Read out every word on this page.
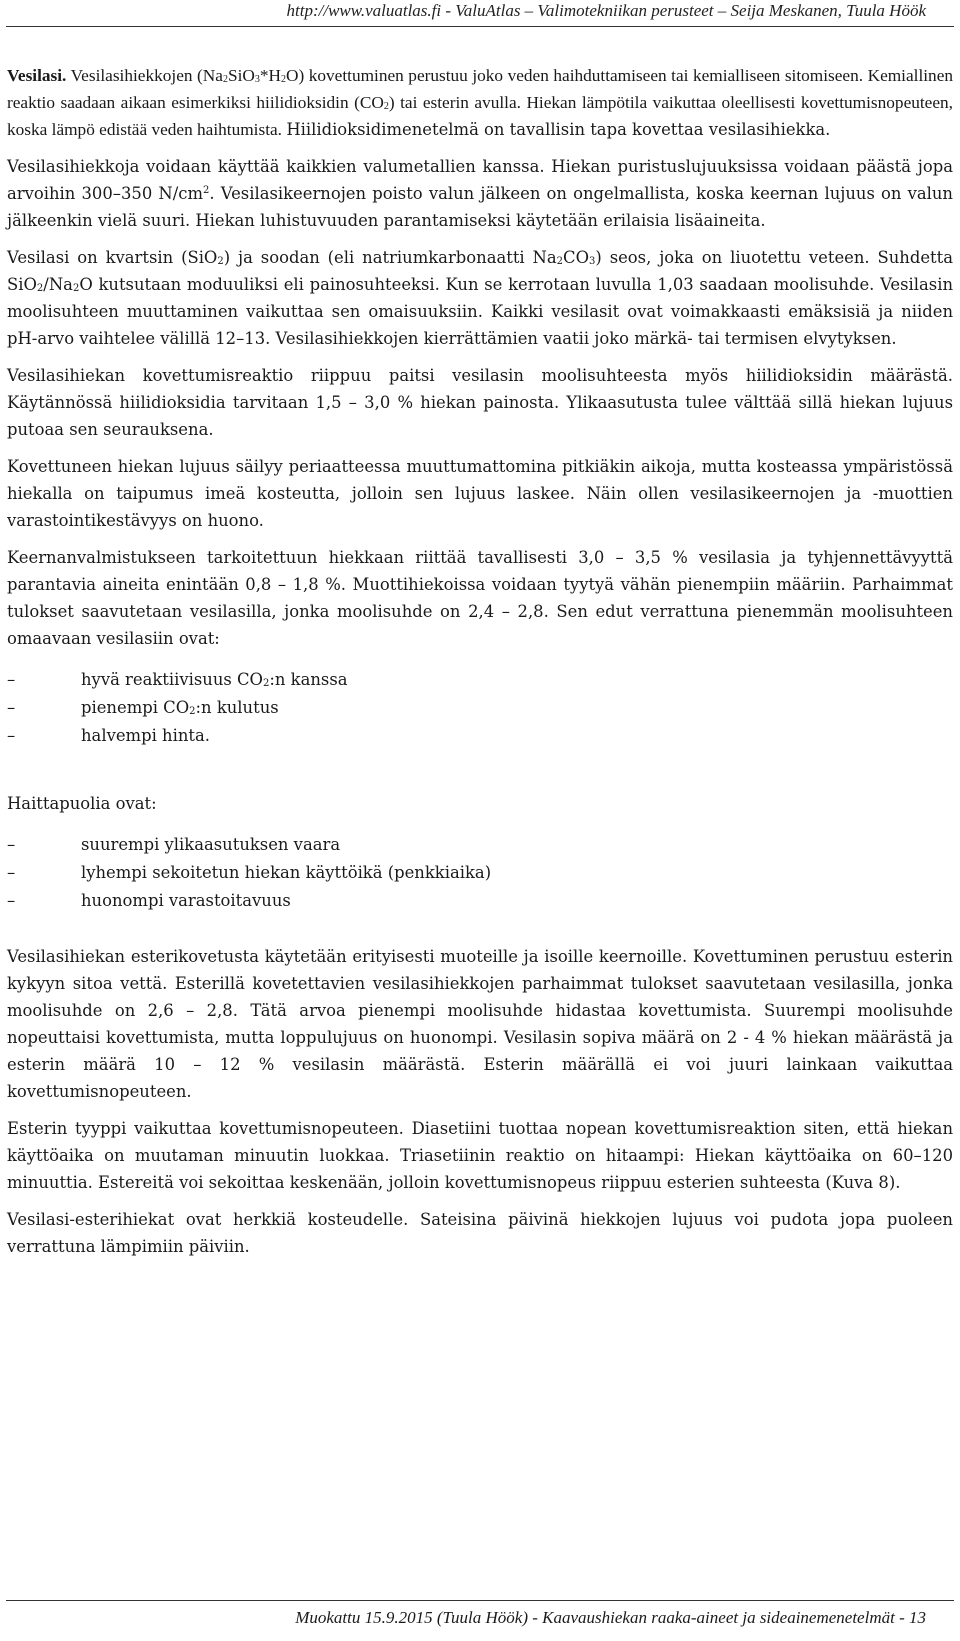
http://www.valuatlas.fi - ValuAtlas – Valimotekniikan perusteet – Seija Meskanen, Tuula Höök

Vesilasi. Vesilasihiekkojen $(Na_2SiO_3*H_2O)$ kovettuminen perustuu joko veden haihduttamiseen tai kemialliseen sitomiseen. Kemiallinen reaktio saadaan aikaan esimerkiksi hiilidioksidin $(CO_2)$ tai esterin avulla. Hiekan lämpötila vaikuttaa oleellisesti kovettumisnopeuteen, koska lämpö edistää veden haihtumista. Hiilidioksidimenetelmä on tavallisin tapa kovettaa vesilasihiekka.

Vesilasihiekkoja voidaan käyttää kaikkien valumetallien kanssa. Hiekan puristuslujuuksissa voidaan päästä jopa arvoihin 300–350 $N/cm^2$. Vesilasikeernojen poisto valun jälkeen on ongelmallista, koska keernan lujuus on valun jälkeenkin vielä suuri. Hiekan luhistuvuuden parantamiseksi käytetään erilaisia lisäaineita.

Vesilasi on kvartsin (SiO$_2$) ja soodan (eli natriumkarbonaatti $Na_2CO_3$) seos, joka on liuotettu veteen. Suhdetta $SiO_2/Na_2O$ kutsutaan moduuliksi eli painosuhteeksi. Kun se kerrotaan luvulla 1,03 saadaan moolisuhde. Vesilasin moolisuhteen muuttaminen vaikuttaa sen omaisuuksiin. Kaikki vesilasit ovat voimakkaasti emäksisiä ja niiden pH-arvo vaihtelee välillä 12–13. Vesilasihiekkojen kierrättämien vaatii joko märkä- tai termisen elvytyksen.

Vesilasihiekan kovettumisreaktio riippuu paitsi vesilasin moolisuhteesta myös hiilidioksidin määrästä. Käytännössä hiilidioksidia tarvitaan 1,5 – 3,0 % hiekan painosta. Ylikaasutusta tulee välttää sillä hiekan lujuus putoaa sen seurauksena.

Kovettuneen hiekan lujuus säilyy periaatteessa muuttumattomina pitkiäkin aikoja, mutta kosteassa ympäristössä hiekalla on taipumus imeä kosteutta, jolloin sen lujuus laskee. Näin ollen vesilasikeernojen ja -muottien varastointikestävyys on huono.

Keernanvalmistukseen tarkoitettuun hiekkaan riittää tavallisesti 3,0 – 3,5 % vesilasia ja tyhjennettävyyttä parantavia aineita enintään 0,8 – 1,8 %. Muottihiekoissa voidaan tyytyä vähän pienempiin määriin. Parhaimmat tulokset saavutetaan vesilasilla, jonka moolisuhde on 2,4 – 2,8. Sen edut verrattuna pienemmän moolisuhteen omaavaan vesilasiin ovat:

–	hyvä reaktiivisuus $CO_2:n$ kanssa
–	pienempi $CO_2:n$ kulutus
–	halvempi hinta.

Haittapuolia ovat:

–	suurempi ylikaasutuksen vaara
–	lyhempi sekoitetun hiekan käyttöikä (penkkiaika)
–	huonompi varastoitavuus

Vesilasihiekan esterikovetusta käytetään erityisesti muoteille ja isoille keernoille. Kovettuminen perustuu esterin kykyyn sitoa vettä. Esterillä kovetettavien vesilasihiekkojen parhaimmat tulokset saavutetaan vesilasilla, jonka moolisuhde on 2,6 – 2,8. Tätä arvoa pienempi moolisuhde hidastaa kovettumista. Suurempi moolisuhde nopeuttaisi kovettumista, mutta loppulujuus on huonompi. Vesilasin sopiva määrä on 2 - 4 % hiekan määrästä ja esterin määrä 10 – 12 % vesilasin määrästä. Esterin määrällä ei voi juuri lainkaan vaikuttaa kovettumisnopeuteen.

Esterin tyyppi vaikuttaa kovettumisnopeuteen. Diasetiini tuottaa nopean kovettumisreaktion siten, että hiekan käyttöaika on muutaman minuutin luokkaa. Triasetiinin reaktio on hitaampi: Hiekan käyttöaika on 60–120 minuuttia. Estereitä voi sekoittaa keskenään, jolloin kovettumisnopeus riippuu esterien suhteesta (Kuva 8).

Vesilasi-esterihiekat ovat herkkiä kosteudelle. Sateisina päivinä hiekkojen lujuus voi pudota jopa puoleen verrattuna lämpimiin päiviin.

Muokattu 15.9.2015 (Tuula Höök) - Kaavaushiekan raaka-aineet ja sideainemenetelmät - 13
